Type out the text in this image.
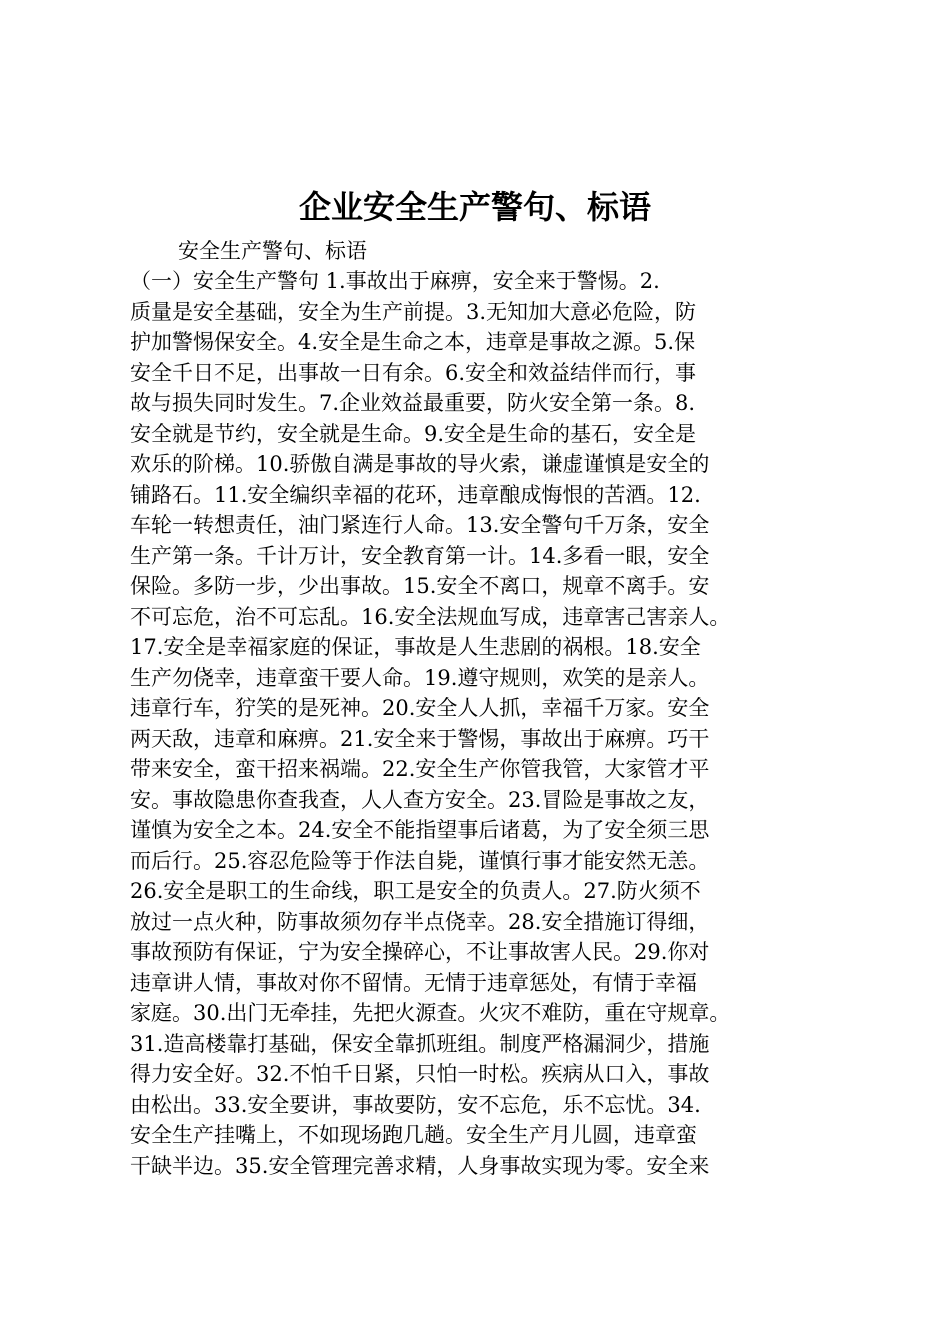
企业安全生产警句、标语
安全生产警句、标语
（一）安全生产警句 1.事故出于麻痹，安全来于警惕。2.
质量是安全基础，安全为生产前提。3.无知加大意必危险，防
护加警惕保安全。4.安全是生命之本，违章是事故之源。5.保
安全千日不足，出事故一日有余。6.安全和效益结伴而行，事
故与损失同时发生。7.企业效益最重要，防火安全第一条。8.
安全就是节约，安全就是生命。9.安全是生命的基石，安全是
欢乐的阶梯。10.骄傲自满是事故的导火索，谦虚谨慎是安全的
铺路石。11.安全编织幸福的花环，违章酿成悔恨的苦酒。12.
车轮一转想责任，油门紧连行人命。13.安全警句千万条，安全
生产第一条。千计万计，安全教育第一计。14.多看一眼，安全
保险。多防一步，少出事故。15.安全不离口，规章不离手。安
不可忘危，治不可忘乱。16.安全法规血写成，违章害己害亲人。
17.安全是幸福家庭的保证，事故是人生悲剧的祸根。18.安全
生产勿侥幸，违章蛮干要人命。19.遵守规则，欢笑的是亲人。
违章行车，狞笑的是死神。20.安全人人抓，幸福千万家。安全
两天敌，违章和麻痹。21.安全来于警惕，事故出于麻痹。巧干
带来安全，蛮干招来祸端。22.安全生产你管我管，大家管才平
安。事故隐患你查我查，人人查方安全。23.冒险是事故之友，
谨慎为安全之本。24.安全不能指望事后诸葛，为了安全须三思
而后行。25.容忍危险等于作法自毙，谨慎行事才能安然无恙。
26.安全是职工的生命线，职工是安全的负责人。27.防火须不
放过一点火种，防事故须勿存半点侥幸。28.安全措施订得细，
事故预防有保证，宁为安全操碎心，不让事故害人民。29.你对
违章讲人情，事故对你不留情。无情于违章惩处，有情于幸福
家庭。30.出门无牵挂，先把火源查。火灾不难防，重在守规章。
31.造高楼靠打基础，保安全靠抓班组。制度严格漏洞少，措施
得力安全好。32.不怕千日紧，只怕一时松。疾病从口入，事故
由松出。33.安全要讲，事故要防，安不忘危，乐不忘忧。34.
安全生产挂嘴上，不如现场跑几趟。安全生产月儿圆，违章蛮
干缺半边。35.安全管理完善求精，人身事故实现为零。安全来
